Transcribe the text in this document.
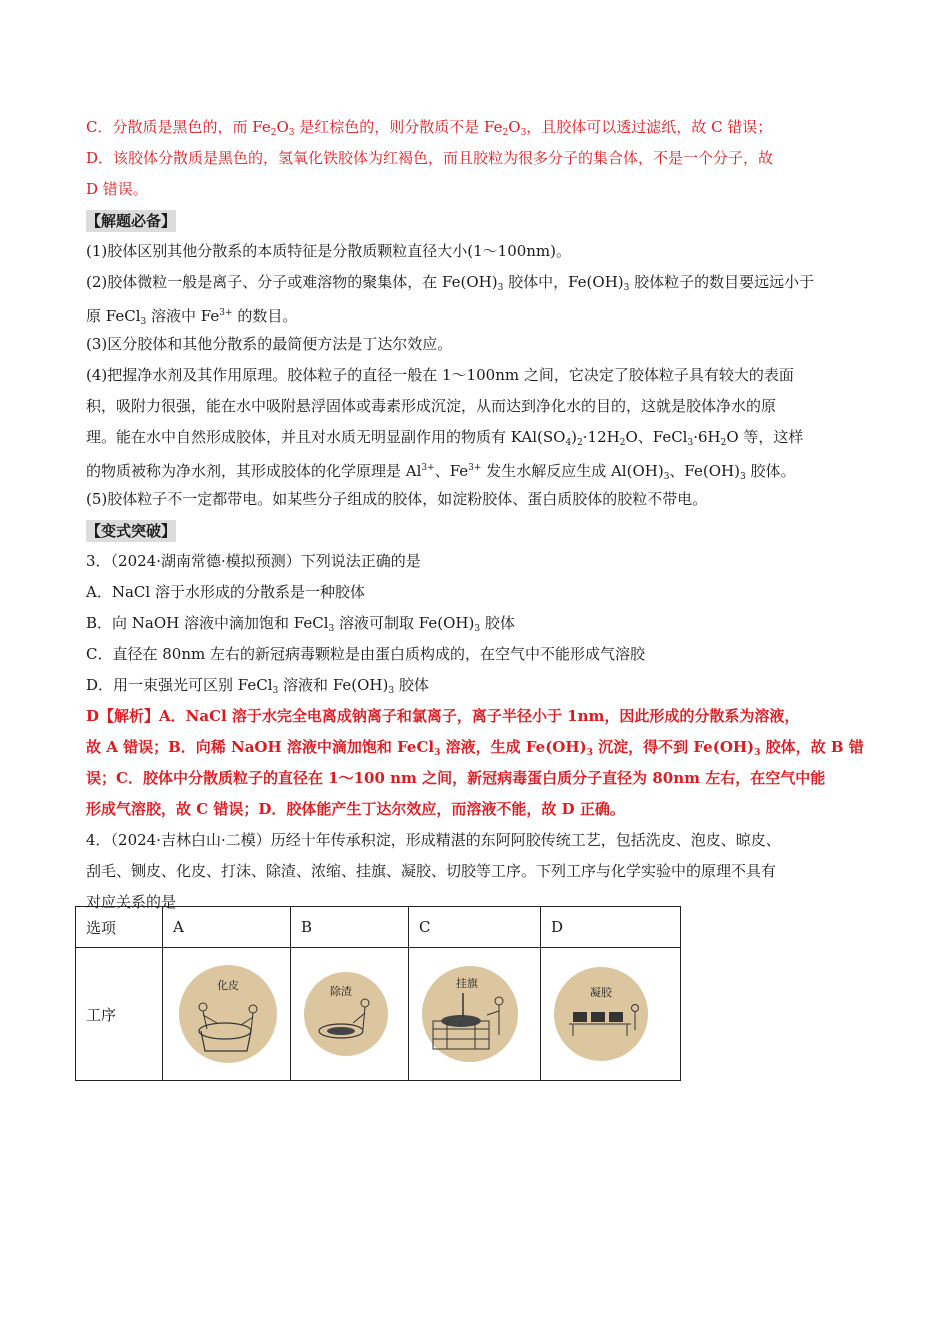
C．分散质是黑色的，而 $Fe_2O_3$ 是红棕色的，则分散质不是 $Fe_2O_3$，且胶体可以透过滤纸，故 C 错误；

D．该胶体分散质是黑色的，氢氧化铁胶体为红褐色，而且胶粒为很多分子的集合体，不是一个分子，故

D 错误。

【解题必备】

(1)胶体区别其他分散系的本质特征是分散质颗粒直径大小(1～100nm)。

(2)胶体微粒一般是离子、分子或难溶物的聚集体，在 $Fe(OH)_3$ 胶体中，$Fe(OH)_3$ 胶体粒子的数目要远远小于

原 FeCl$_3$ 溶液中 $Fe^{3+}$ 的数目。

(3)区分胶体和其他分散系的最简便方法是丁达尔效应。

(4)把握净水剂及其作用原理。胶体粒子的直径一般在 1～100nm 之间，它决定了胶体粒子具有较大的表面

积，吸附力很强，能在水中吸附悬浮固体或毒素形成沉淀，从而达到净化水的目的，这就是胶体净水的原

理。能在水中自然形成胶体，并且对水质无明显副作用的物质有 $KAl(SO_4)_2\cdot 12H_2O$、$FeCl_3\cdot 6H_2O$ 等，这样

的物质被称为净水剂，其形成胶体的化学原理是 $Al^{3+}$、$Fe^{3+}$ 发生水解反应生成 $Al(OH)_3$、$Fe(OH)_3$ 胶体。

(5)胶体粒子不一定都带电。如某些分子组成的胶体，如淀粉胶体、蛋白质胶体的胶粒不带电。

【变式突破】

3．（2024·湖南常德·模拟预测）下列说法正确的是

A．NaCl 溶于水形成的分散系是一种胶体

B．向 NaOH 溶液中滴加饱和 FeCl$_3$ 溶液可制取 $Fe(OH)_3$ 胶体

C．直径在 80nm 左右的新冠病毒颗粒是由蛋白质构成的，在空气中不能形成气溶胶

D．用一束强光可区别 FeCl$_3$ 溶液和 $Fe(OH)_3$ 胶体

D【解析】A．NaCl 溶于水完全电离成钠离子和氯离子，离子半径小于 1nm，因此形成的分散系为溶液，

故 A 错误；B．向稀 NaOH 溶液中滴加饱和 FeCl$_3$ 溶液，生成 $Fe(OH)_3$ 沉淀，得不到 $Fe(OH)_3$ 胶体，故 B 错

误；C．胶体中分散质粒子的直径在 1～100 nm 之间，新冠病毒蛋白质分子直径为 80nm 左右，在空气中能

形成气溶胶，故 C 错误；D．胶体能产生丁达尔效应，而溶液不能，故 D 正确。

4．（2024·吉林白山·二模）历经十年传承积淀，形成精湛的东阿阿胶传统工艺，包括洗皮、泡皮、晾皮、

刮毛、铡皮、化皮、打沫、除渣、浓缩、挂旗、凝胶、切胶等工序。下列工序与化学实验中的原理不具有

对应关系的是

选项	A	B	C	D
工序	化皮	除渣	挂旗	凝胶
